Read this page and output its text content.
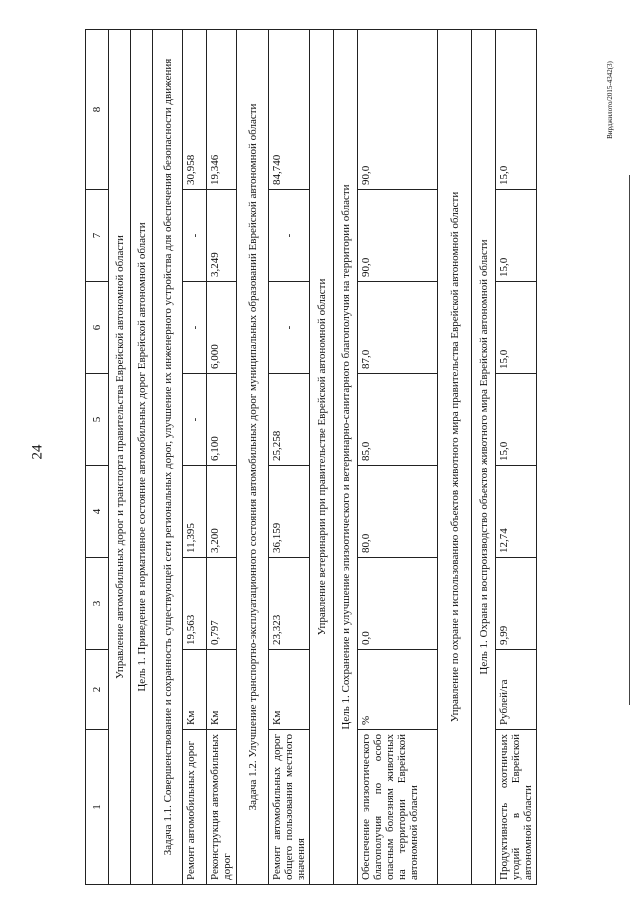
24
Вирджилото/2015-4342(3)
1	2	3	4	5	6	7	8
Управление автомобильных дорог и транспорта правительства Еврейской автономной области							
Цель 1. Приведение в нормативное состояние автомобильных дорог Еврейской автономной области							
Задача 1.1. Совершенствование и сохранность существующей сети региональных дорог, улучшение их инженерного устройства для обеспечения безопасности движения							
Ремонт автомобильных дорог	Км	19,563	11,395	-	-	-	30,958
Реконструкция автомобильных дорог	Км	0,797	3,200	6,100	6,000	3,249	19,346
Задача 1.2. Улучшение транспортно-эксплуатационного состояния автомобильных дорог муниципальных образований Еврейской автономной области							
Ремонт автомобильных дорог общего пользования местного значения	Км	23,323	36,159	25,258	-	-	84,740
Управление ветеринарии при правительстве Еврейской автономной области							
Цель 1. Сохранение и улучшение эпизоотического и ветеринарно-санитарного благополучия на территории области							
Обеспечение эпизоотического благополучия по особо опасным болезням животных на территории Еврейской автономной области	%	0,0	80,0	85,0	87,0	90,0	90,0
Управление по охране и использованию объектов животного мира правительства Еврейской автономной области							
Цель 1. Охрана и воспроизводство объектов животного мира Еврейской автономной области							
Продуктивность охотничьих угодий в Еврейской автономной области	Рублей/га	9,99	12,74	15,0	15,0	15,0	15,0
